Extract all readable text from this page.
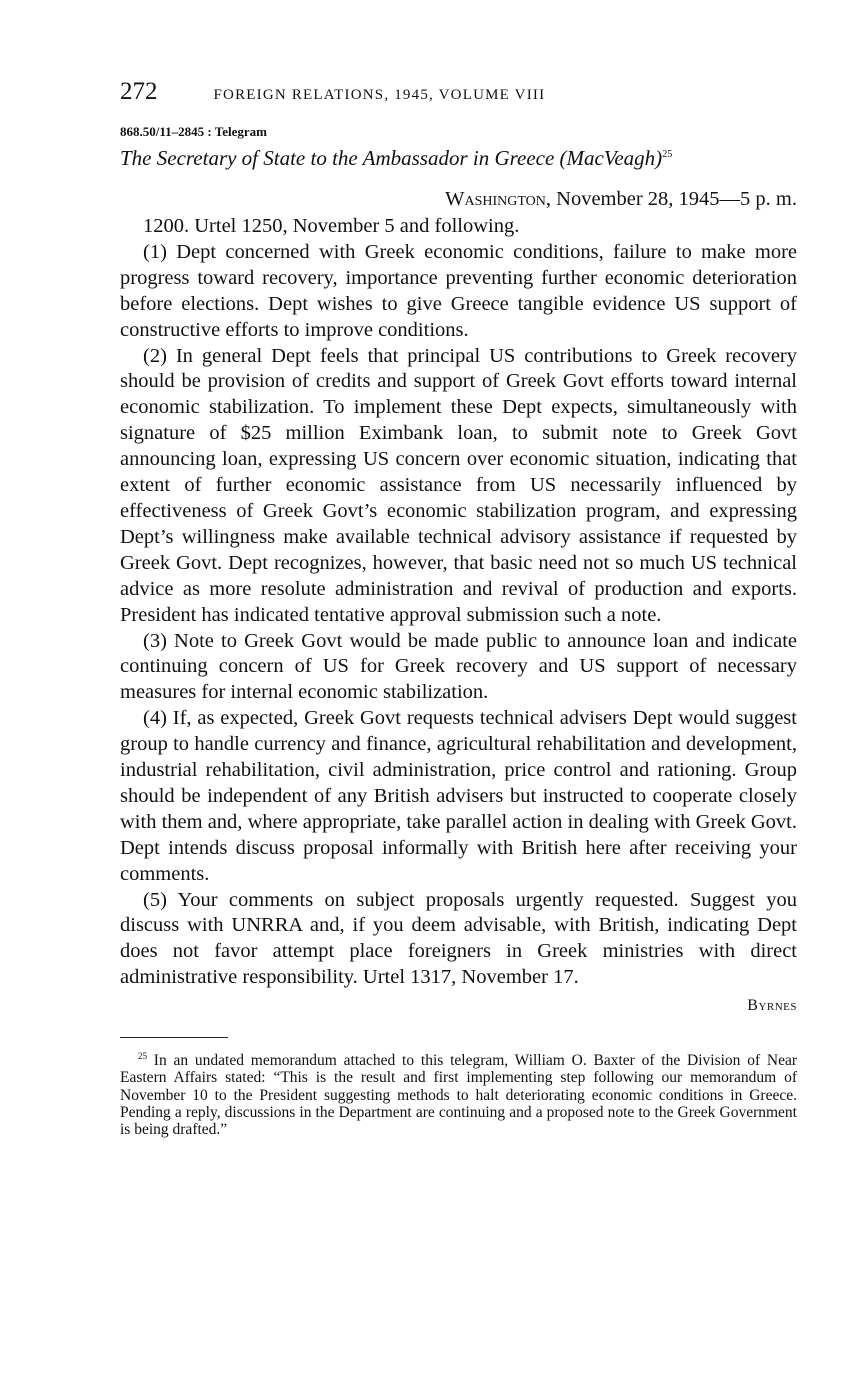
272	FOREIGN RELATIONS, 1945, VOLUME VIII
868.50/11–2845 : Telegram
The Secretary of State to the Ambassador in Greece (MacVeagh)$^{25}$
Washington, November 28, 1945—5 p. m.

1200. Urtel 1250, November 5 and following.

(1) Dept concerned with Greek economic conditions, failure to make more progress toward recovery, importance preventing further economic deterioration before elections. Dept wishes to give Greece tangible evidence US support of constructive efforts to improve conditions.

(2) In general Dept feels that principal US contributions to Greek recovery should be provision of credits and support of Greek Govt efforts toward internal economic stabilization. To implement these Dept expects, simultaneously with signature of $25 million Eximbank loan, to submit note to Greek Govt announcing loan, expressing US concern over economic situation, indicating that extent of further economic assistance from US necessarily influenced by effectiveness of Greek Govt’s economic stabilization program, and expressing Dept’s willingness make available technical advisory assistance if requested by Greek Govt. Dept recognizes, however, that basic need not so much US technical advice as more resolute administration and revival of production and exports. President has indicated tentative approval submission such a note.

(3) Note to Greek Govt would be made public to announce loan and indicate continuing concern of US for Greek recovery and US support of necessary measures for internal economic stabilization.

(4) If, as expected, Greek Govt requests technical advisers Dept would suggest group to handle currency and finance, agricultural rehabilitation and development, industrial rehabilitation, civil administration, price control and rationing. Group should be independent of any British advisers but instructed to cooperate closely with them and, where appropriate, take parallel action in dealing with Greek Govt. Dept intends discuss proposal informally with British here after receiving your comments.

(5) Your comments on subject proposals urgently requested. Suggest you discuss with UNRRA and, if you deem advisable, with British, indicating Dept does not favor attempt place foreigners in Greek ministries with direct administrative responsibility. Urtel 1317, November 17.

Byrnes
$^{25}$ In an undated memorandum attached to this telegram, William O. Baxter of the Division of Near Eastern Affairs stated: “This is the result and first implementing step following our memorandum of November 10 to the President suggesting methods to halt deteriorating economic conditions in Greece. Pending a reply, discussions in the Department are continuing and a proposed note to the Greek Government is being drafted.”
